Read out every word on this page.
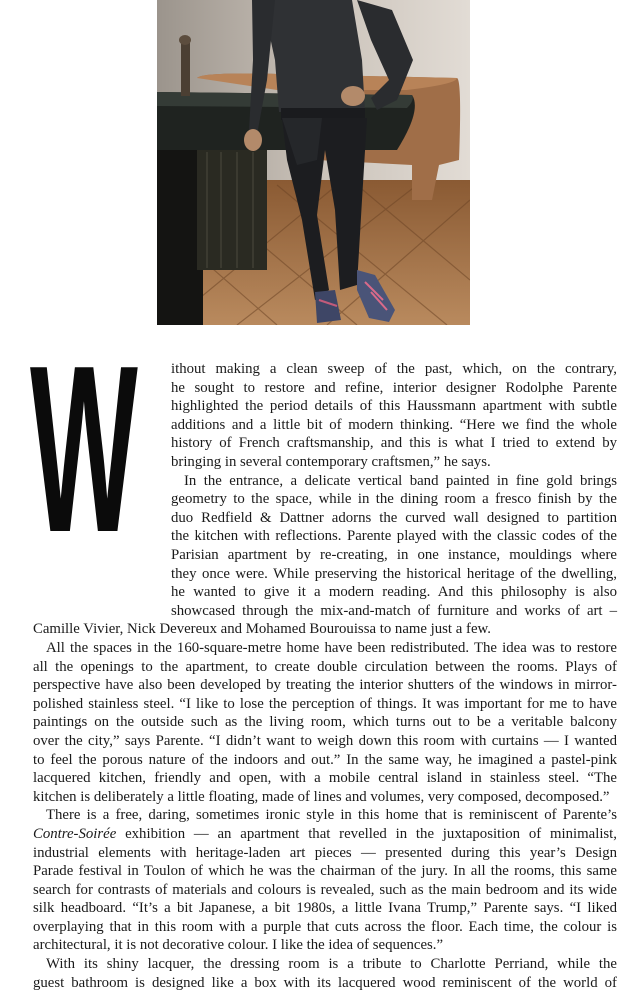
W ithout making a clean sweep of the past, which, on the contrary,
he sought to restore and refine, interior designer Rodolphe Parente
highlighted the period details of this Haussmann apartment with subtle
additions and a little bit of modern thinking. “Here we find the whole
history of French craftsmanship, and this is what I tried to extend by
bringing in several contemporary craftsmen,” he says.
In the entrance, a delicate vertical band painted in fine gold brings
geometry to the space, while in the dining room a fresco finish by the
duo Redfield & Dattner adorns the curved wall designed to partition
the kitchen with reflections. Parente played with the classic codes of the
Parisian apartment by re-creating, in one instance, mouldings where
they once were. While preserving the historical heritage of the dwelling,
he wanted to give it a modern reading. And this philosophy is also
showcased through the mix-and-match of furniture and works of art –
Camille Vivier, Nick Devereux and Mohamed Bourouissa to name just a few.
All the spaces in the 160-square-metre home have been redistributed. The idea was to restore
all the openings to the apartment, to create double circulation between the rooms. Plays of
perspective have also been developed by treating the interior shutters of the windows in mirror-
polished stainless steel. “I like to lose the perception of things. It was important for me to have
paintings on the outside such as the living room, which turns out to be a veritable balcony
over the city,” says Parente. “I didn’t want to weigh down this room with curtains — I wanted
to feel the porous nature of the indoors and out.” In the same way, he imagined a pastel-pink
lacquered kitchen, friendly and open, with a mobile central island in stainless steel. “The
kitchen is deliberately a little floating, made of lines and volumes, very composed, decomposed.”
There is a free, daring, sometimes ironic style in this home that is reminiscent of Parente’s
Contre-Soirée exhibition — an apartment that revelled in the juxtaposition of minimalist,
industrial elements with heritage-laden art pieces — presented during this year’s Design
Parade festival in Toulon of which he was the chairman of the jury. In all the rooms, this same
search for contrasts of materials and colours is revealed, such as the main bedroom and its wide
silk headboard. “It’s a bit Japanese, a bit 1980s, a little Ivana Trump,” Parente says. “I liked
overplaying that in this room with a purple that cuts across the floor. Each time, the colour is
architectural, it is not decorative colour. I like the idea of sequences.”
With its shiny lacquer, the dressing room is a tribute to Charlotte Perriand, while the
guest bathroom is designed like a box with its lacquered wood reminiscent of the world of
